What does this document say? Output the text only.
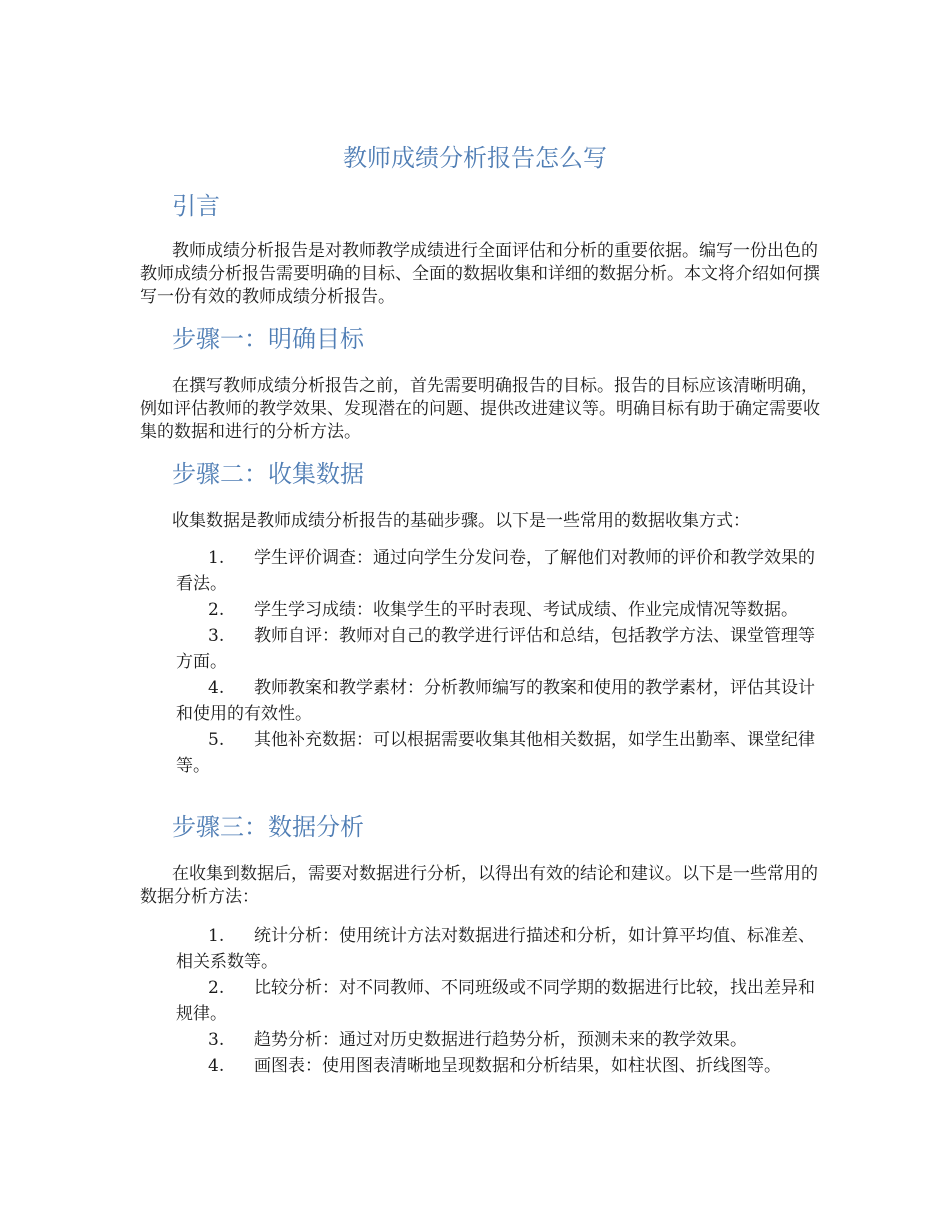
教师成绩分析报告怎么写
引言

教师成绩分析报告是对教师教学成绩进行全面评估和分析的重要依据。编写一份出色的教师成绩分析报告需要明确的目标、全面的数据收集和详细的数据分析。本文将介绍如何撰写一份有效的教师成绩分析报告。

步骤一：明确目标

在撰写教师成绩分析报告之前，首先需要明确报告的目标。报告的目标应该清晰明确，例如评估教师的教学效果、发现潜在的问题、提供改进建议等。明确目标有助于确定需要收集的数据和进行的分析方法。

步骤二：收集数据

收集数据是教师成绩分析报告的基础步骤。以下是一些常用的数据收集方式：

1. 学生评价调查：通过向学生分发问卷，了解他们对教师的评价和教学效果的看法。
2. 学生学习成绩：收集学生的平时表现、考试成绩、作业完成情况等数据。
3. 教师自评：教师对自己的教学进行评估和总结，包括教学方法、课堂管理等方面。
4. 教师教案和教学素材：分析教师编写的教案和使用的教学素材，评估其设计和使用的有效性。
5. 其他补充数据：可以根据需要收集其他相关数据，如学生出勤率、课堂纪律等。
步骤三：数据分析

在收集到数据后，需要对数据进行分析，以得出有效的结论和建议。以下是一些常用的数据分析方法：

1. 统计分析：使用统计方法对数据进行描述和分析，如计算平均值、标准差、相关系数等。
2. 比较分析：对不同教师、不同班级或不同学期的数据进行比较，找出差异和规律。
3. 趋势分析：通过对历史数据进行趋势分析，预测未来的教学效果。
4. 画图表：使用图表清晰地呈现数据和分析结果，如柱状图、折线图等。
